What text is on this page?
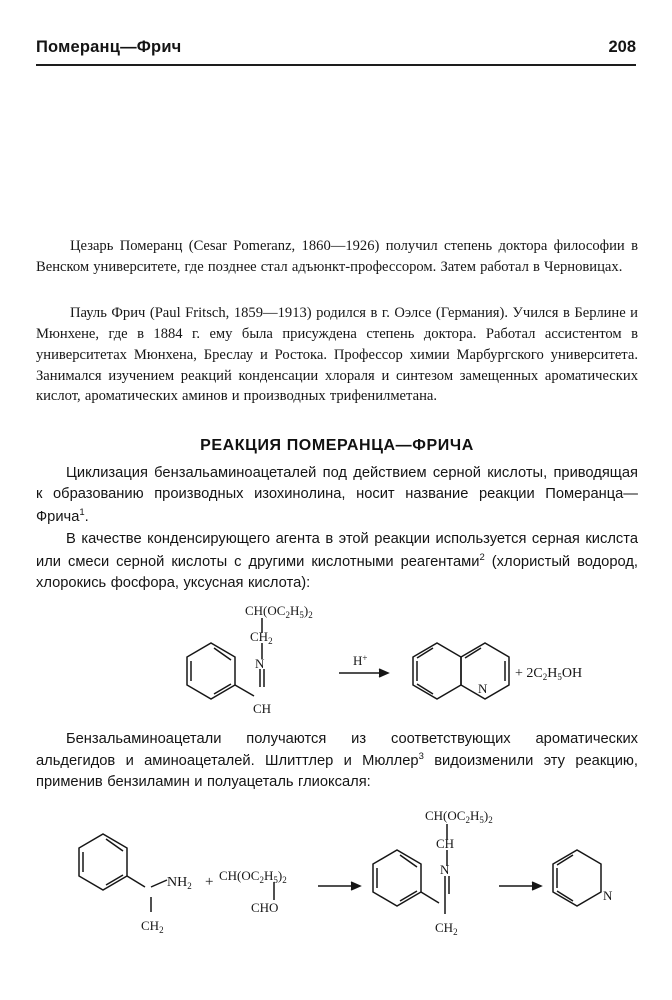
Померанц—Фрич	208

Цезарь Померанц (Cesar Pomeranz, 1860—1926) получил степень доктора философии в Венском университете, где позднее стал адъюнкт-профессором. Затем работал в Черновицах.

Пауль Фрич (Paul Fritsch, 1859—1913) родился в г. Оэлсе (Германия). Учился в Берлине и Мюнхене, где в 1884 г. ему была присуждена степень доктора. Работал ассистентом в университетах Мюнхена, Бреслау и Ростока. Профессор химии Марбургского университета. Занимался изучением реакций конденсации хлораля и синтезом замещенных ароматических кислот, ароматических аминов и производных трифенилметана.

РЕАКЦИЯ ПОМЕРАНЦА—ФРИЧА

Циклизация бензальаминоацеталей под действием серной кислоты, приводящая к образованию производных изохинолина, носит название реакции Померанца—Фрича$^1$.

В качестве конденсирующего агента в этой реакции используется серная кислста или смеси серной кислоты с другими кислотными реагентами$^2$ (хлористый водород, хлорокись фосфора, уксусная кислота):

$CH(OC_2H_5)_2$
$CH_2$
N
CH
H+
N
+ $2C_2H_5OH$

Бензальаминоацетали получаются из соответствующих ароматических альдегидов и аминоацеталей. Шлиттлер и Мюллер$^3$ видоизменили эту реакцию, применив бензиламин и полуацеталь глиоксаля:

$NH_2 + CH(OC_2H_5)_2$
CHO
$CH_2$
$CH(OC_2H_5)_2$
CH
N
$CH_2$
N
